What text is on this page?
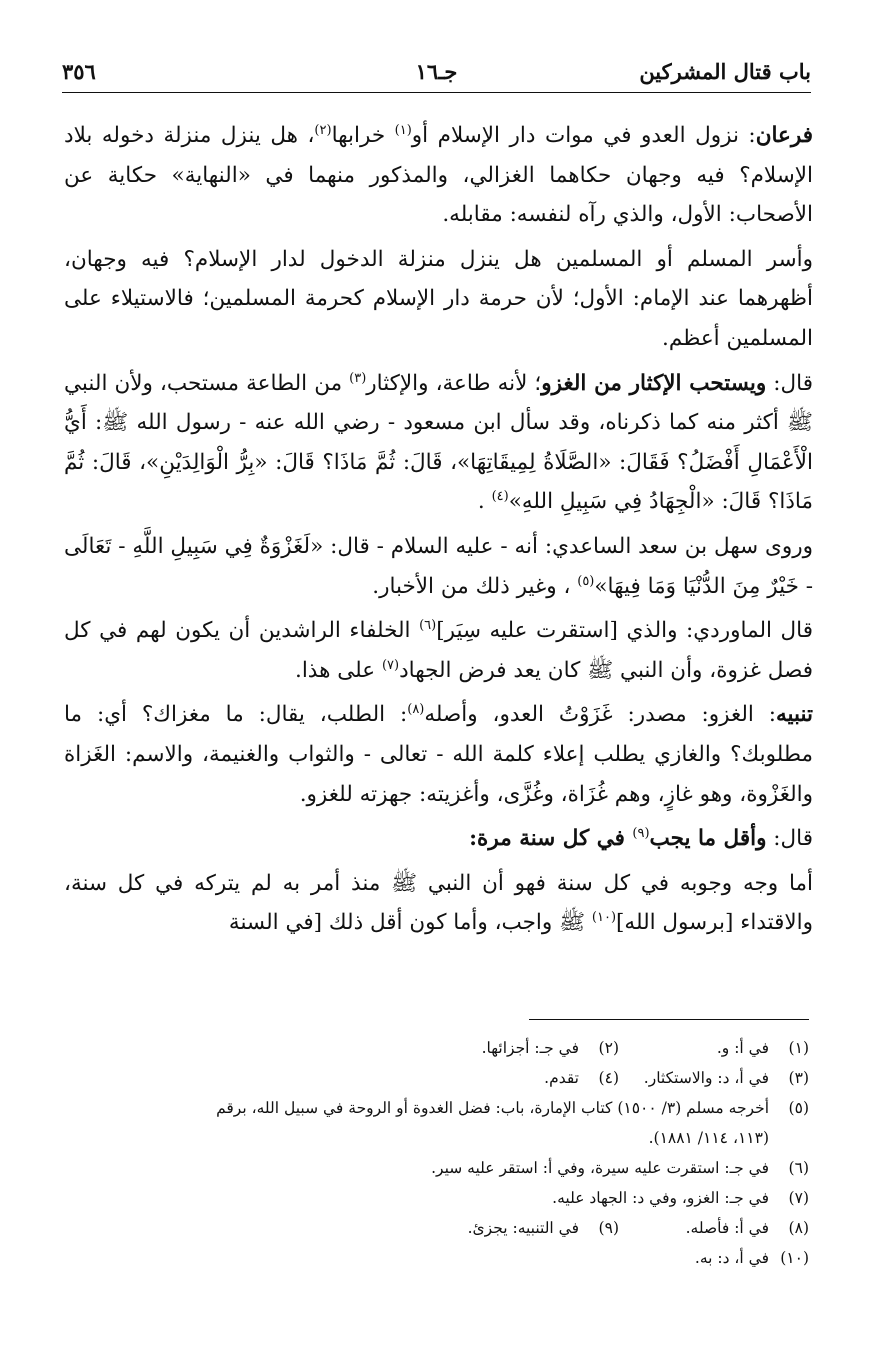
باب قتال المشركين
جـ١٦
٣٥٦

فرعان: نزول العدو في موات دار الإسلام أو$^{(١)}$ خرابها$^{(٢)}$، هل ينزل منزلة دخوله بلاد الإسلام؟ فيه وجهان حكاهما الغزالي، والمذكور منهما في «النهاية» حكاية عن الأصحاب: الأول، والذي رآه لنفسه: مقابله.

وأسر المسلم أو المسلمين هل ينزل منزلة الدخول لدار الإسلام؟ فيه وجهان، أظهرهما عند الإمام: الأول؛ لأن حرمة دار الإسلام كحرمة المسلمين؛ فالاستيلاء على المسلمين أعظم.

قال: ويستحب الإكثار من الغزو؛ لأنه طاعة، والإكثار$^{(٣)}$ من الطاعة مستحب، ولأن النبي ﷺ أكثر منه كما ذكرناه، وقد سأل ابن مسعود - رضي الله عنه - رسول الله ﷺ: أَيُّ الْأَعْمَالِ أَفْضَلُ؟ فَقَالَ: «الصَّلَاةُ لِمِيقَاتِهَا»، قَالَ: ثُمَّ مَاذَا؟ قَالَ: «بِرُّ الْوَالِدَيْنِ»، قَالَ: ثُمَّ مَاذَا؟ قَالَ: «الْجِهَادُ فِي سَبِيلِ اللهِ»$^{(٤)}$ .

وروى سهل بن سعد الساعدي: أنه - عليه السلام - قال: «لَغَزْوَةٌ فِي سَبِيلِ اللَّهِ - تَعَالَى - خَيْرٌ مِنَ الدُّنْيَا وَمَا فِيهَا»$^{(٥)}$ ، وغير ذلك من الأخبار.

قال الماوردي: والذي [استقرت عليه سِيَر]$^{(٦)}$ الخلفاء الراشدين أن يكون لهم في كل فصل غزوة، وأن النبي ﷺ كان يعد فرض الجهاد$^{(٧)}$ على هذا.

تنبيه: الغزو: مصدر: غَزَوْتُ العدو، وأصله$^{(٨)}$: الطلب، يقال: ما مغزاك؟ أي: ما مطلوبك؟ والغازي يطلب إعلاء كلمة الله - تعالى - والثواب والغنيمة، والاسم: الغَزاة والغَزْوة، وهو غازٍ، وهم غُزَاة، وغُزَّى، وأغزيته: جهزته للغزو.

قال: وأقل ما يجب$^{(٩)}$ في كل سنة مرة:

أما وجه وجوبه في كل سنة فهو أن النبي ﷺ منذ أمر به لم يتركه في كل سنة، والاقتداء [برسول الله]$^{(١٠)}$ ﷺ واجب، وأما كون أقل ذلك [في السنة

(١)
في أ: و.
(٢)
في جـ: أجزائها.
(٣)
في أ، د: والاستكثار.
(٤)
تقدم.
(٥)
أخرجه مسلم (٣/ ١٥٠٠) كتاب الإمارة، باب: فضل الغدوة أو الروحة في سبيل الله، برقم
(١١٣، ١١٤/ ١٨٨١).
(٦)
في جـ: استقرت عليه سيرة، وفي أ: استقر عليه سير.
(٧)
في جـ: الغزو، وفي د: الجهاد عليه.
(٨)
في أ: فأصله.
(٩)
في التنبيه: يجزئ.
(١٠)
في أ، د: به.
